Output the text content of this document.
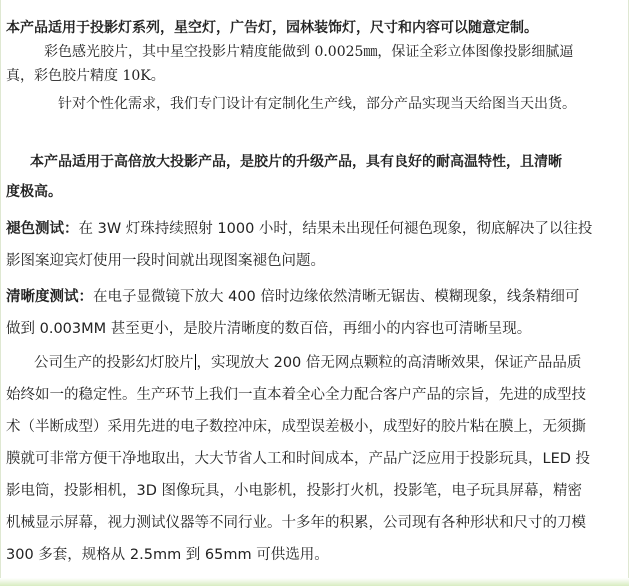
本产品适用于投影灯系列，星空灯，广告灯，园林装饰灯，尺寸和内容可以随意定制。
彩色感光胶片，其中星空投影片精度能做到 0.0025㎜，保证全彩立体图像投影细腻逼
真，彩色胶片精度 10K。
针对个性化需求，我们专门设计有定制化生产线，部分产品实现当天给图当天出货。
本产品适用于高倍放大投影产品，是胶片的升级产品，具有良好的耐高温特性，且清晰
度极高。
褪色测试：在 3W 灯珠持续照射 1000 小时，结果未出现任何褪色现象，彻底解决了以往投
影图案迎宾灯使用一段时间就出现图案褪色问题。
清晰度测试：在电子显微镜下放大 400 倍时边缘依然清晰无锯齿、模糊现象，线条精细可
做到 0.003MM 甚至更小，是胶片清晰度的数百倍，再细小的内容也可清晰呈现。
公司生产的投影幻灯胶片 ，实现放大 200 倍无网点颗粒的高清晰效果，保证产品品质
始终如一的稳定性。生产环节上我们一直本着全心全力配合客户产品的宗旨，先进的成型技
术（半断成型）采用先进的电子数控冲床，成型误差极小，成型好的胶片粘在膜上，无须撕
膜就可非常方便干净地取出，大大节省人工和时间成本，产品广泛应用于投影玩具，LED 投
影电筒，投影相机，3D 图像玩具，小电影机，投影打火机，投影笔，电子玩具屏幕，精密
机械显示屏幕，视力测试仪器等不同行业。十多年的积累，公司现有各种形状和尺寸的刀模
300 多套，规格从 2.5mm 到 65mm 可供选用。
